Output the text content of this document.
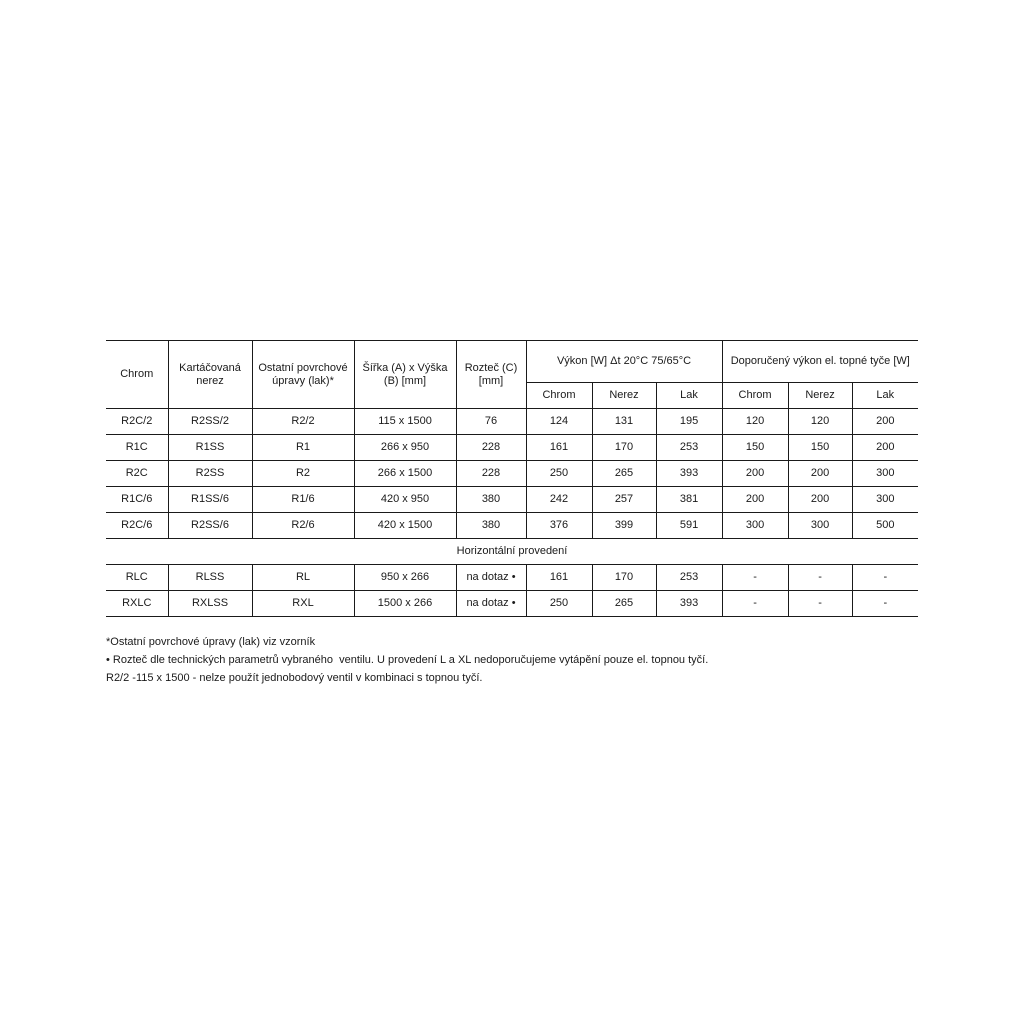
Chrom	Kartáčovaná nerez	Ostatní povrchové úpravy (lak)*	Šířka (A) x Výška (B) [mm]	Rozteč (C) [mm]	Výkon [W] Δt 20°C 75/65°C			Doporučený výkon el. topné tyče [W]		
					Chrom	Nerez	Lak	Chrom	Nerez	Lak
R2C/2	R2SS/2	R2/2	115 x 1500	76	124	131	195	120	120	200
R1C	R1SS	R1	266 x 950	228	161	170	253	150	150	200
R2C	R2SS	R2	266 x 1500	228	250	265	393	200	200	300
R1C/6	R1SS/6	R1/6	420 x 950	380	242	257	381	200	200	300
R2C/6	R2SS/6	R2/6	420 x 1500	380	376	399	591	300	300	500
Horizontální provedení										
RLC	RLSS	RL	950 x 266	na dotaz •	161	170	253	-	-	-
RXLC	RXLSS	RXL	1500 x 266	na dotaz •	250	265	393	-	-	-
*Ostatní povrchové úpravy (lak) viz vzorník
• Rozteč dle technických parametrů vybraného  ventilu. U provedení L a XL nedoporučujeme vytápění pouze el. topnou tyčí.
R2/2 -115 x 1500 - nelze použít jednobodový ventil v kombinaci s topnou tyčí.
